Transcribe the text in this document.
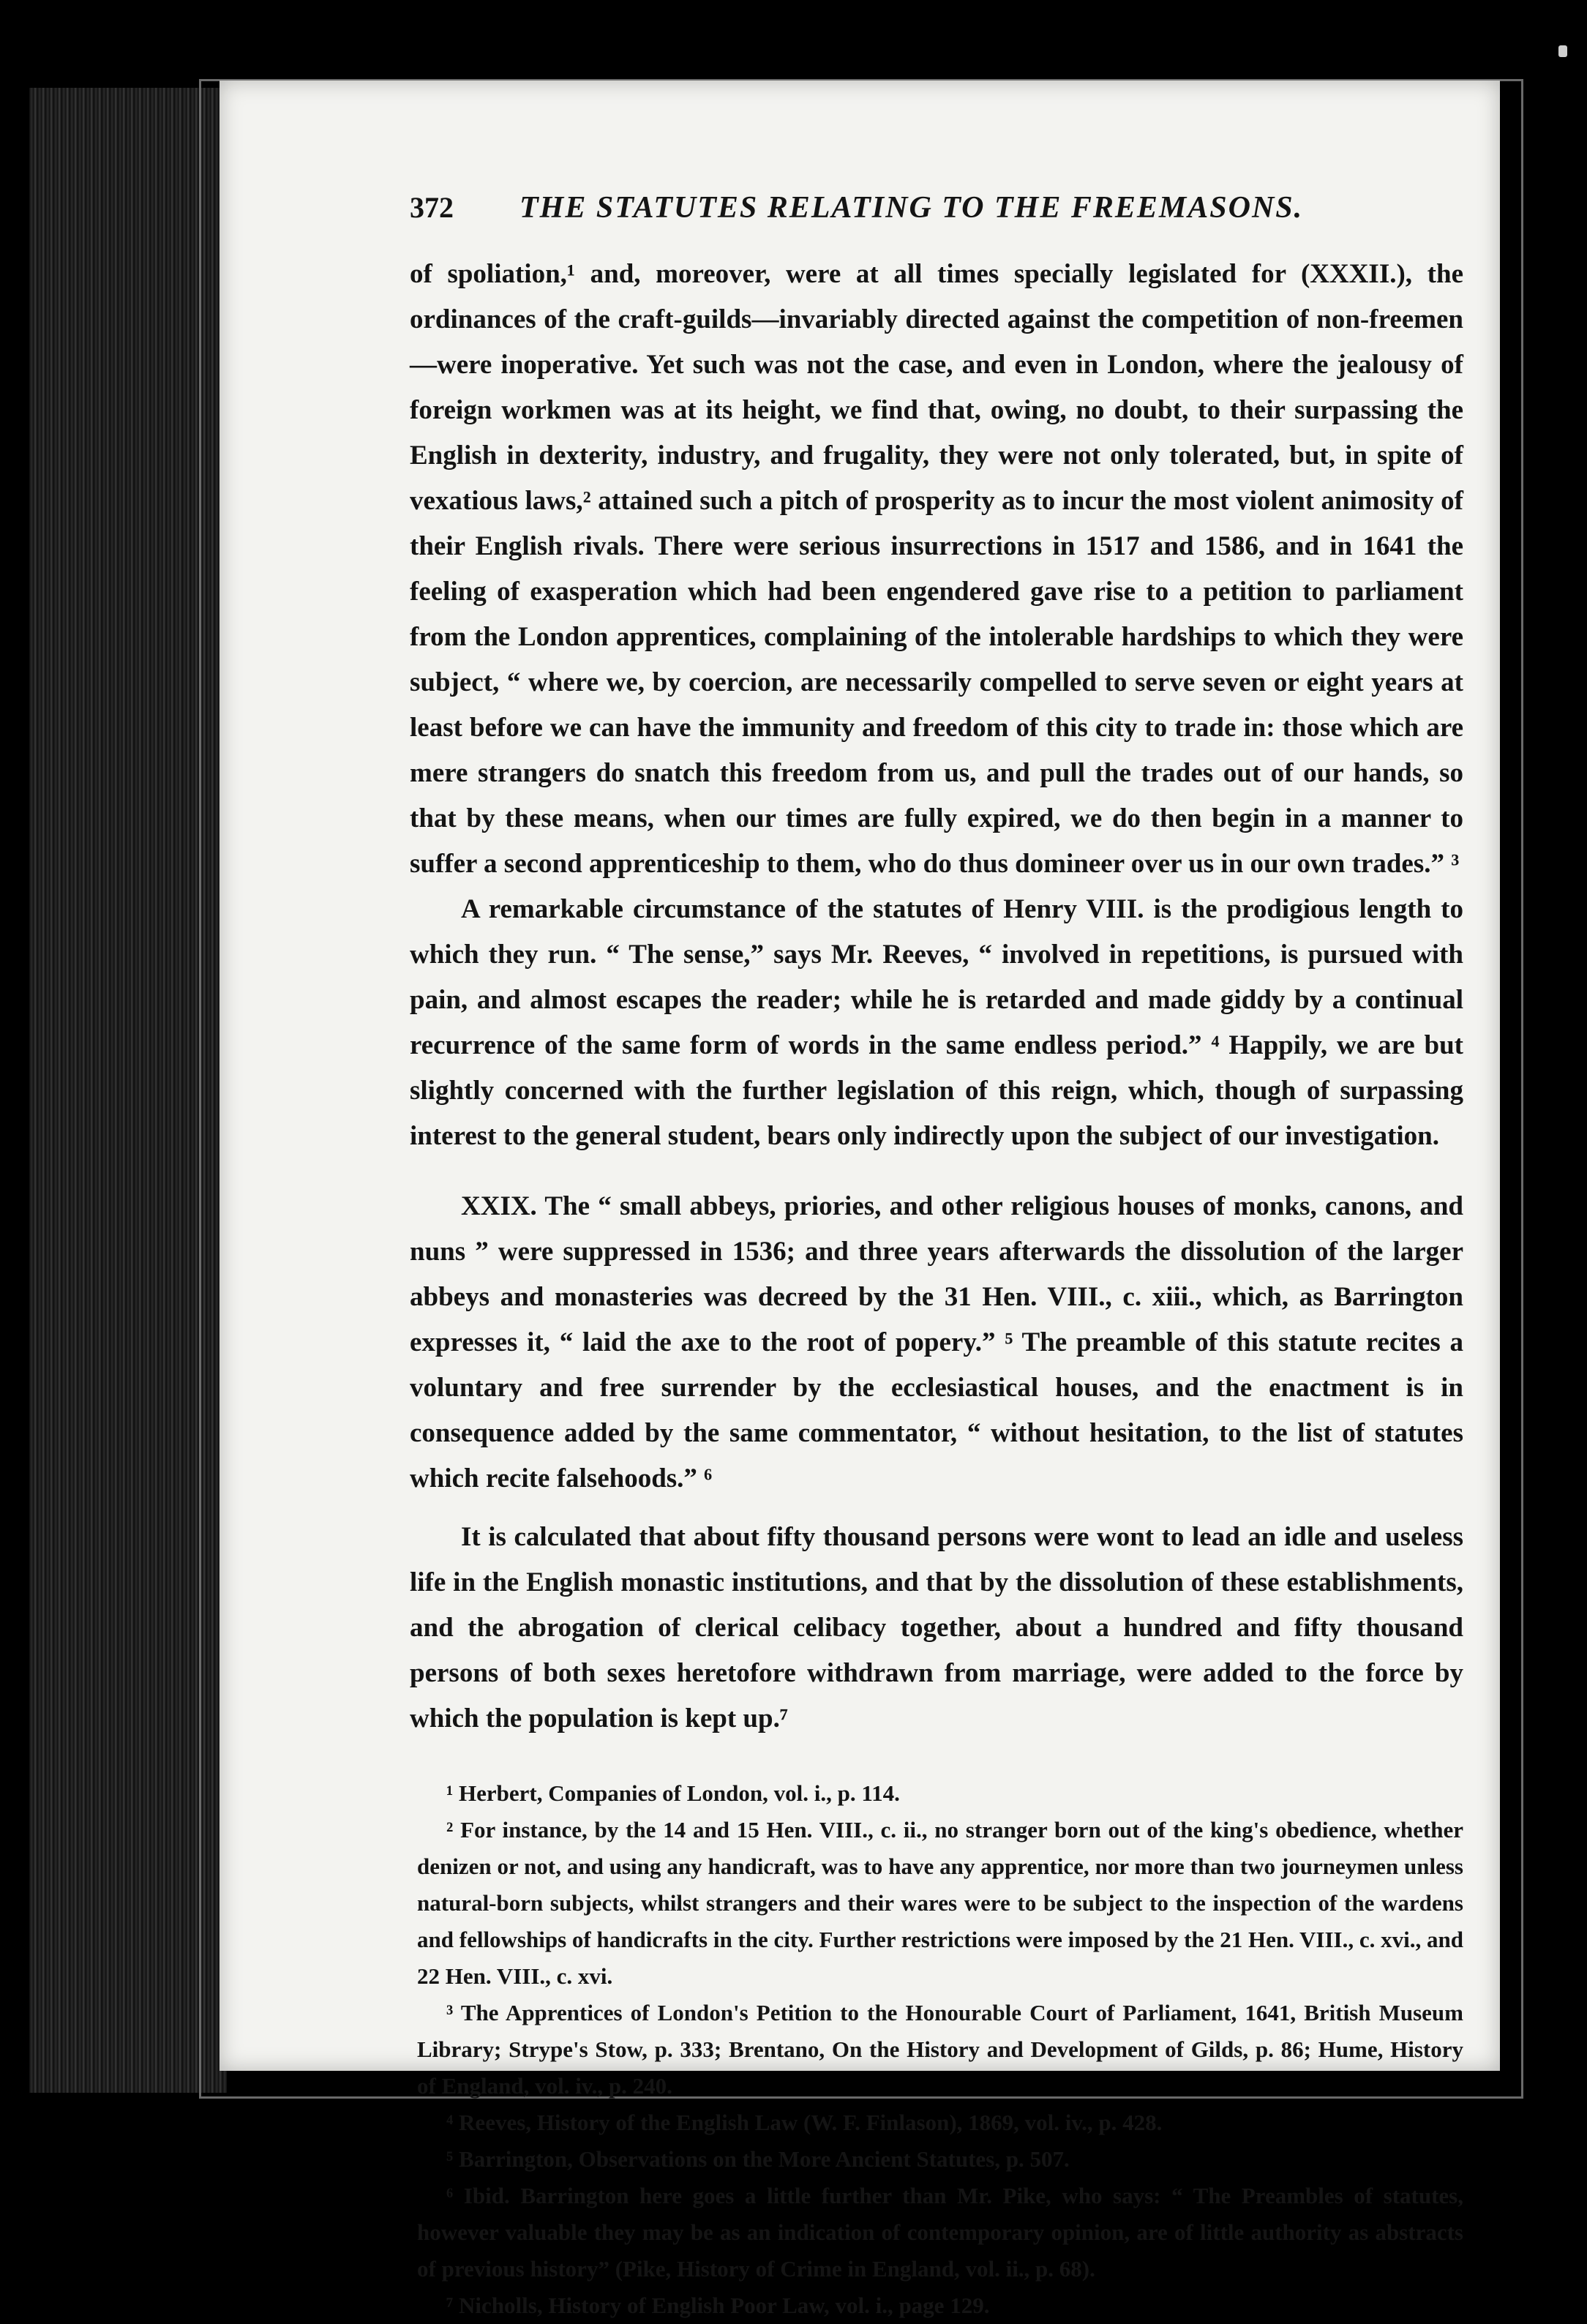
372	THE STATUTES RELATING TO THE FREEMASONS.

of spoliation,¹ and, moreover, were at all times specially legislated for (XXXII.), the ordinances of the craft-guilds—invariably directed against the competition of non-freemen—were inoperative. Yet such was not the case, and even in London, where the jealousy of foreign workmen was at its height, we find that, owing, no doubt, to their surpassing the English in dexterity, industry, and frugality, they were not only tolerated, but, in spite of vexatious laws,² attained such a pitch of prosperity as to incur the most violent animosity of their English rivals. There were serious insurrections in 1517 and 1586, and in 1641 the feeling of exasperation which had been engendered gave rise to a petition to parliament from the London apprentices, complaining of the intolerable hardships to which they were subject, “ where we, by coercion, are necessarily compelled to serve seven or eight years at least before we can have the immunity and freedom of this city to trade in: those which are mere strangers do snatch this freedom from us, and pull the trades out of our hands, so that by these means, when our times are fully expired, we do then begin in a manner to suffer a second apprenticeship to them, who do thus domineer over us in our own trades.” ³

A remarkable circumstance of the statutes of Henry VIII. is the prodigious length to which they run. “ The sense,” says Mr. Reeves, “ involved in repetitions, is pursued with pain, and almost escapes the reader; while he is retarded and made giddy by a continual recurrence of the same form of words in the same endless period.” ⁴ Happily, we are but slightly concerned with the further legislation of this reign, which, though of surpassing interest to the general student, bears only indirectly upon the subject of our investigation.

XXIX. The “ small abbeys, priories, and other religious houses of monks, canons, and nuns ” were suppressed in 1536; and three years afterwards the dissolution of the larger abbeys and monasteries was decreed by the 31 Hen. VIII., c. xiii., which, as Barrington expresses it, “ laid the axe to the root of popery.” ⁵ The preamble of this statute recites a voluntary and free surrender by the ecclesiastical houses, and the enactment is in consequence added by the same commentator, “ without hesitation, to the list of statutes which recite falsehoods.” ⁶

It is calculated that about fifty thousand persons were wont to lead an idle and useless life in the English monastic institutions, and that by the dissolution of these establishments, and the abrogation of clerical celibacy together, about a hundred and fifty thousand persons of both sexes heretofore withdrawn from marriage, were added to the force by which the population is kept up.⁷

¹ Herbert, Companies of London, vol. i., p. 114.

² For instance, by the 14 and 15 Hen. VIII., c. ii., no stranger born out of the king's obedience, whether denizen or not, and using any handicraft, was to have any apprentice, nor more than two journeymen unless natural-born subjects, whilst strangers and their wares were to be subject to the inspection of the wardens and fellowships of handicrafts in the city. Further restrictions were imposed by the 21 Hen. VIII., c. xvi., and 22 Hen. VIII., c. xvi.

³ The Apprentices of London's Petition to the Honourable Court of Parliament, 1641, British Museum Library; Strype's Stow, p. 333; Brentano, On the History and Development of Gilds, p. 86; Hume, History of England, vol. iv., p. 240.

⁴ Reeves, History of the English Law (W. F. Finlason), 1869, vol. iv., p. 428.

⁵ Barrington, Observations on the More Ancient Statutes, p. 507.

⁶ Ibid. Barrington here goes a little further than Mr. Pike, who says: “ The Preambles of statutes, however valuable they may be as an indication of contemporary opinion, are of little authority as abstracts of previous history” (Pike, History of Crime in England, vol. ii., p. 68).

⁷ Nicholls, History of English Poor Law, vol. i., page 129.
